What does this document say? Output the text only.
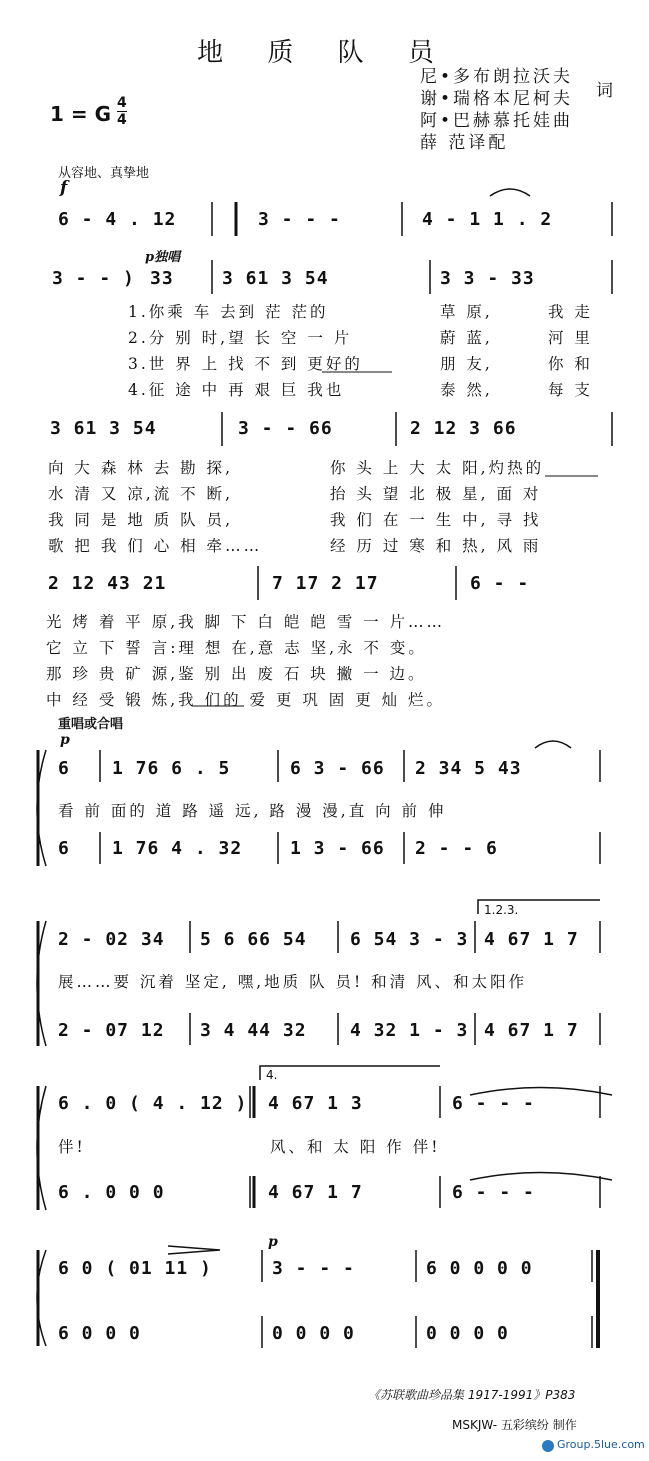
地 质 队 员
尼•多布朗拉沃夫
谢•瑞格本尼柯夫
阿•巴赫慕托娃曲
薛 范译配
词
1 = G $\frac{4}{4}$
从容地、真挚地
f
6 - 4 . 12	3 - - -	4 - 1 1 . 2
p独唱
3 - - ) 33	3 61 3 54	3 3 - 33
1.你乘 车 去到 茫 茫的	草 原,	我 走
2.分 别 时,望 长 空 一 片	蔚 蓝,	河 里
3.世 界 上 找 不 到 更好的	朋 友,	你 和
4.征 途 中 再 艰 巨 我也	泰 然,	每 支
3 61 3 54	3 - - 66	2 12 3 66
向 大 森 林 去 勘 探,	你 头 上 大 太 阳,灼热的
水 清 又 凉,流 不 断,	抬 头 望 北 极 星, 面 对
我 同 是 地 质 队 员,	我 们 在 一 生 中, 寻 找
歌 把 我 们 心 相 牵……	经 历 过 寒 和 热, 风 雨
2 12 43 21	7 17 2 17	6 - -
光 烤 着 平 原,我 脚 下 白 皑 皑 雪 一 片……
它 立 下 誓 言:理 想 在,意 志 坚,永 不 变。
那 珍 贵 矿 源,鉴 别 出 废 石 块 撇 一 边。
中 经 受 锻 炼,我 们的 爱 更 巩 固 更 灿 烂。
重唱或合唱
p
6 1 76 6 . 5	6 3 - 66 2 34 5 43
看 前 面的 道 路 遥 远, 路 漫 漫,直 向 前 伸
6 1 76 4 . 32	1 3 - 66 2 - - 6
1.2.3.
2 - 02 34 5 6 66 54 6 54 3 - 3 4 67 1 7
展……要 沉着 坚定, 嘿,地质 队 员! 和清 风、和太阳作
2 - 07 12 3 4 44 32 4 32 1 - 3 4 67 1 7
4.
6 . 0 ( 4 . 12 ) 4 67 1 3	6 - - -
伴!	风、和 太 阳 作 伴!
6 . 0 0 0	4 67 1 7	6 - - -
p
6 0 ( 01 11 )	3 - - -	6 0 0 0 0
6 0 0 0	0 0 0 0	0 0 0 0
《苏联歌曲珍品集 1917-1991》P383
MSKJW- 五彩缤纷 制作
Group.5lue.com
